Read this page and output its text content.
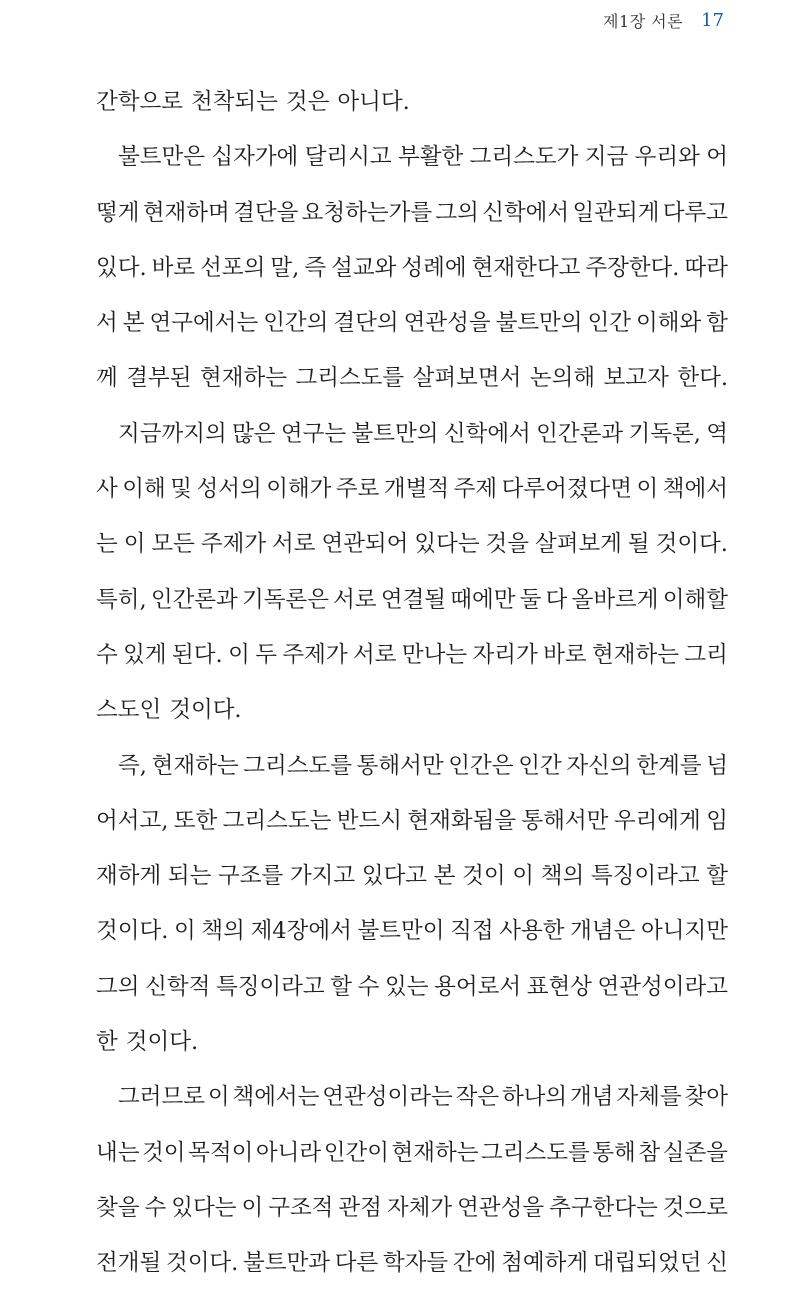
제1장 서론 17
간학으로 천착되는 것은 아니다.
불트만은 십자가에 달리시고 부활한 그리스도가 지금 우리와 어
떻게 현재하며 결단을 요청하는가를 그의 신학에서 일관되게 다루고
있다. 바로 선포의 말, 즉 설교와 성례에 현재한다고 주장한다. 따라
서 본 연구에서는 인간의 결단의 연관성을 불트만의 인간 이해와 함
께 결부된 현재하는 그리스도를 살펴보면서 논의해 보고자 한다.
지금까지의 많은 연구는 불트만의 신학에서 인간론과 기독론, 역
사 이해 및 성서의 이해가 주로 개별적 주제 다루어졌다면 이 책에서
는 이 모든 주제가 서로 연관되어 있다는 것을 살펴보게 될 것이다.
특히, 인간론과 기독론은 서로 연결될 때에만 둘 다 올바르게 이해할
수 있게 된다. 이 두 주제가 서로 만나는 자리가 바로 현재하는 그리
스도인 것이다.
즉, 현재하는 그리스도를 통해서만 인간은 인간 자신의 한계를 넘
어서고, 또한 그리스도는 반드시 현재화됨을 통해서만 우리에게 임
재하게 되는 구조를 가지고 있다고 본 것이 이 책의 특징이라고 할
것이다. 이 책의 제4장에서 불트만이 직접 사용한 개념은 아니지만
그의 신학적 특징이라고 할 수 있는 용어로서 표현상 연관성이라고
한 것이다.
그러므로 이 책에서는 연관성이라는 작은 하나의 개념 자체를 찾아
내는 것이 목적이 아니라 인간이 현재하는 그리스도를 통해 참 실존을
찾을 수 있다는 이 구조적 관점 자체가 연관성을 추구한다는 것으로
전개될 것이다. 불트만과 다른 학자들 간에 첨예하게 대립되었던 신
